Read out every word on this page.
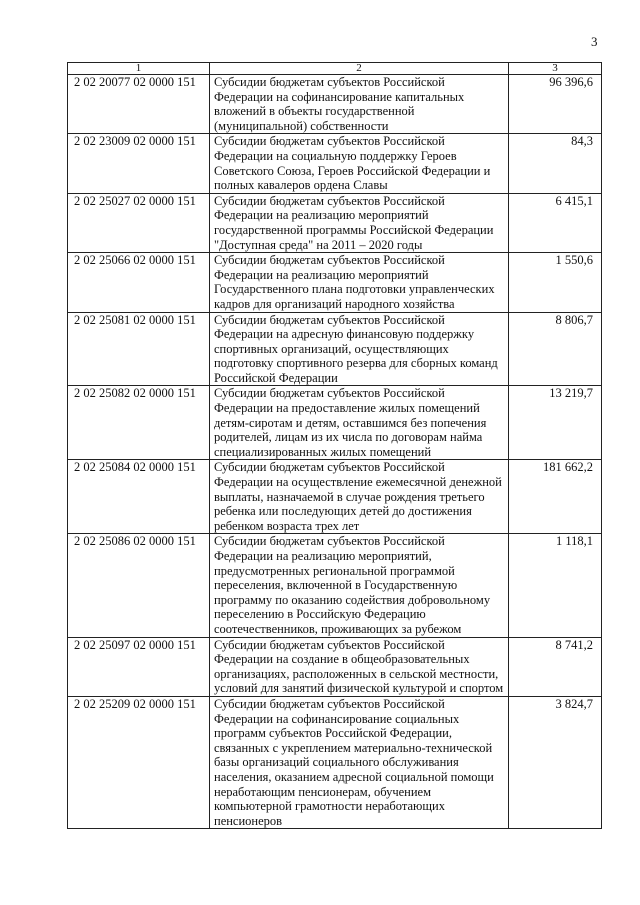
3
1	2	3
2 02 20077 02 0000 151	Субсидии бюджетам субъектов Российской Федерации на софинансирование капитальных вложений в объекты государственной (муниципальной) собственности	96 396,6
2 02 23009 02 0000 151	Субсидии бюджетам субъектов Российской Федерации на социальную поддержку Героев Советского Союза, Героев Российской Федерации и полных кавалеров ордена Славы	84,3
2 02 25027 02 0000 151	Субсидии бюджетам субъектов Российской Федерации на реализацию мероприятий государственной программы Российской Федерации "Доступная среда" на 2011 – 2020 годы	6 415,1
2 02 25066 02 0000 151	Субсидии бюджетам субъектов Российской Федерации на реализацию мероприятий Государственного плана подготовки управленческих кадров для организаций народного хозяйства	1 550,6
2 02 25081 02 0000 151	Субсидии бюджетам субъектов Российской Федерации на адресную финансовую поддержку спортивных организаций, осуществляющих подготовку спортивного резерва для сборных команд Российской Федерации	8 806,7
2 02 25082 02 0000 151	Субсидии бюджетам субъектов Российской Федерации на предоставление жилых помещений детям-сиротам и детям, оставшимся без попечения родителей, лицам из их числа по договорам найма специализированных жилых помещений	13 219,7
2 02 25084 02 0000 151	Субсидии бюджетам субъектов Российской Федерации на осуществление ежемесячной денежной выплаты, назначаемой в случае рождения третьего ребенка или последующих детей до достижения ребенком возраста трех лет	181 662,2
2 02 25086 02 0000 151	Субсидии бюджетам субъектов Российской Федерации на реализацию мероприятий, предусмотренных региональной программой переселения, включенной в Государственную программу по оказанию содействия добровольному переселению в Российскую Федерацию соотечественников, проживающих за рубежом	1 118,1
2 02 25097 02 0000 151	Субсидии бюджетам субъектов Российской Федерации на создание в общеобразовательных организациях, расположенных в сельской местности, условий для занятий физической культурой и спортом	8 741,2
2 02 25209 02 0000 151	Субсидии бюджетам субъектов Российской Федерации на софинансирование социальных программ субъектов Российской Федерации, связанных с укреплением материально-технической базы организаций социального обслуживания населения, оказанием адресной социальной помощи неработающим пенсионерам, обучением компьютерной грамотности неработающих пенсионеров	3 824,7
